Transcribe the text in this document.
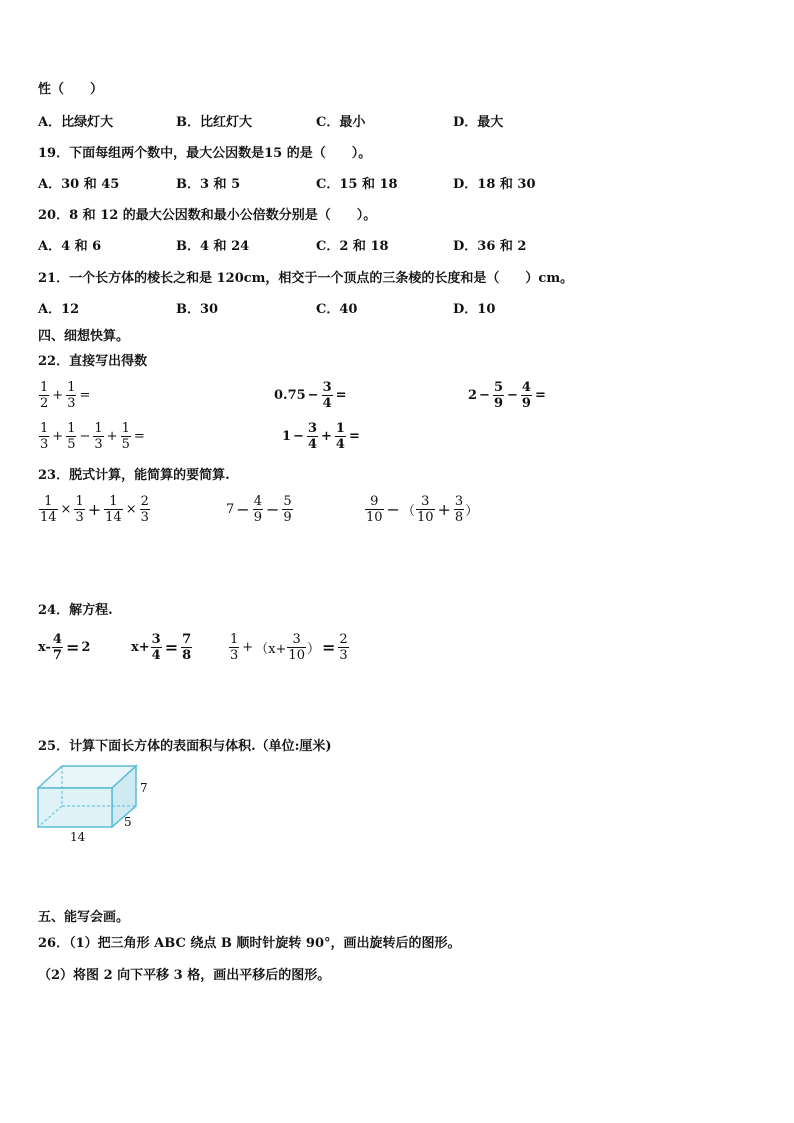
性（　　）
A．比绿灯大	B．比红灯大	C．最小	D．最大
19．下面每组两个数中，最大公因数是15 的是（　　）。
A．30 和 45	B．3 和 5	C．15 和 18	D．18 和 30
20．8 和 12 的最大公因数和最小公倍数分别是（　　）。
A．4 和 6	B．4 和 24	C．2 和 18	D．36 和 2
21．一个长方体的棱长之和是 120cm，相交于一个顶点的三条棱的长度和是（　　）cm。
A．12	B．30	C．40	D．10
四、细想快算。
22．直接写出得数
$\frac{1}{2} + \frac{1}{3}$ =	$0.75 - \frac{3}{4}$ =	$2 - \frac{5}{9} - \frac{4}{9}$ =
$\frac{1}{3} + \frac{1}{5} - \frac{1}{3} + \frac{1}{5}$ =	$1 - \frac{3}{4} + \frac{1}{4}$ =
23．脱式计算，能简算的要简算.
$\frac{1}{14} \times \frac{1}{3} + \frac{1}{14} \times \frac{2}{3}$	$7 - \frac{4}{9} - \frac{5}{9}$	$\frac{9}{10}$ − （ $\frac{3}{10} + \frac{3}{8}$ ）
24．解方程.
$x- \frac{4}{7} = 2$	$x+ \frac{3}{4} = \frac{7}{8}$	$\frac{1}{3} + (x+ \frac{3}{10}$ ） = $\frac{2}{3}$
25．计算下面长方体的表面积与体积.（单位:厘米)
7
5
14
五、能写会画。
26．（1）把三角形 ABC 绕点 B 顺时针旋转 90°，画出旋转后的图形。
（2）将图 2 向下平移 3 格，画出平移后的图形。
